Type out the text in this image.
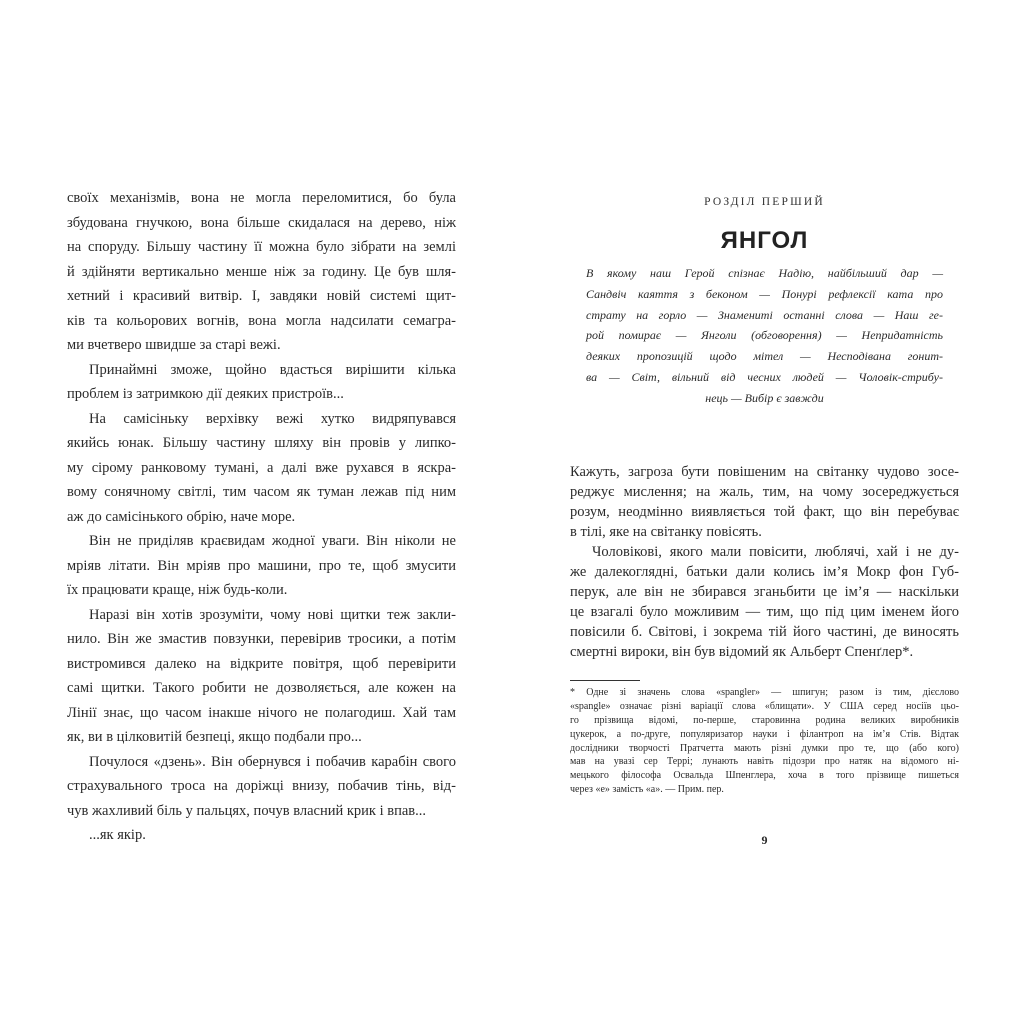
своїх механізмів, вона не могла переломитися, бо була
збудована гнучкою, вона більше скидалася на дерево, ніж
на споруду. Більшу частину її можна було зібрати на землі
й здійняти вертикально менше ніж за годину. Це був шля-
хетний і красивий витвір. І, завдяки новій системі щит-
ків та кольорових вогнів, вона могла надсилати семагра-
ми вчетверо швидше за старі вежі.
Принаймні зможе, щойно вдасться вирішити кілька
проблем із затримкою дії деяких пристроїв...
На самісіньку верхівку вежі хутко видряпувався
якийсь юнак. Більшу частину шляху він провів у липко-
му сірому ранковому тумані, а далі вже рухався в яскра-
вому сонячному світлі, тим часом як туман лежав під ним
аж до самісінького обрію, наче море.
Він не приділяв краєвидам жодної уваги. Він ніколи не
мріяв літати. Він мріяв про машини, про те, щоб змусити
їх працювати краще, ніж будь-коли.
Наразі він хотів зрозуміти, чому нові щитки теж закли-
нило. Він же змастив повзунки, перевірив тросики, а потім
вистромився далеко на відкрите повітря, щоб перевірити
самі щитки. Такого робити не дозволяється, але кожен на
Лінії знає, що часом інакше нічого не полагодиш. Хай там
як, ви в цілковитій безпеці, якщо подбали про...
Почулося «дзень». Він обернувся і побачив карабін свого
страхувального троса на доріжці внизу, побачив тінь, від-
чув жахливий біль у пальцях, почув власний крик і впав...
...як якір.
РОЗДІЛ ПЕРШИЙ
ЯНГОЛ
В якому наш Герой спізнає Надію, найбільший дар —
Сандвіч каяття з беконом — Понурі рефлексії ката про
страту на горло — Знамениті останні слова — Наш ге-
рой помирає — Янголи (обговорення) — Непридатність
деяких пропозицій щодо мітел — Несподівана гонит-
ва — Світ, вільний від чесних людей — Чоловік-стрибу-
нець — Вибір є завжди
Кажуть, загроза бути повішеним на світанку чудово зосе-
реджує мислення; на жаль, тим, на чому зосереджується
розум, неодмінно виявляється той факт, що він перебуває
в тілі, яке на світанку повісять.
Чоловікові, якого мали повісити, люблячі, хай і не ду-
же далекоглядні, батьки дали колись ім’я Мокр фон Губ-
перук, але він не збирався зганьбити це ім’я — наскільки
це взагалі було можливим — тим, що під цим іменем його
повісили б. Світові, і зокрема тій його частині, де виносять
смертні вироки, він був відомий як Альберт Спенґлер*.
* Одне зі значень слова «spangler» — шпигун; разом із тим, дієслово
«spangle» означає різні варіації слова «блищати». У США серед носіїв цьо-
го прізвища відомі, по-перше, старовинна родина великих виробників
цукерок, а по-друге, популяризатор науки і філантроп на ім’я Стів. Відтак
дослідники творчості Пратчетта мають різні думки про те, що (або кого)
мав на увазі сер Террі; лунають навіть підозри про натяк на відомого ні-
мецького філософа Освальда Шпенглера, хоча в того прізвище пишеться
через «е» замість «а». — Прим. пер.
9
